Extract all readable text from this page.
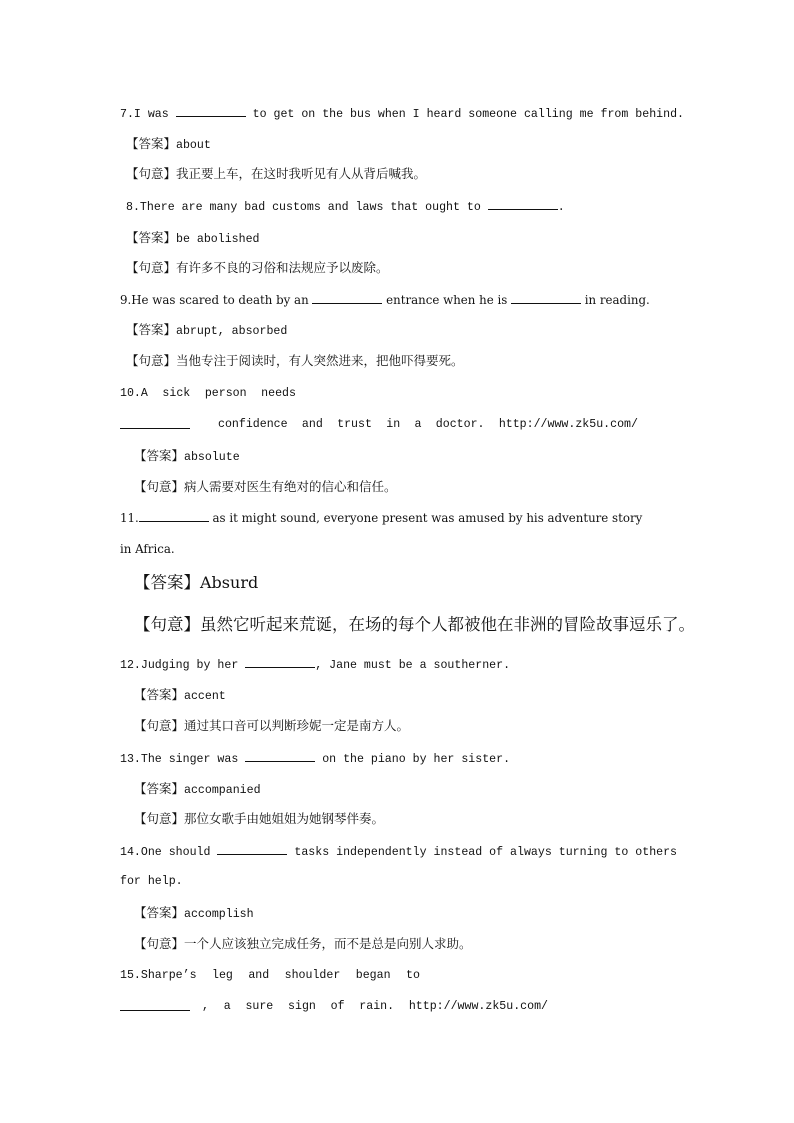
7.I was	to get on the bus when I heard someone calling me from behind.
【答案】about
【句意】我正要上车，在这时我听见有人从背后喊我。
8.There are many bad customs and laws that ought to	.
【答案】be abolished
【句意】有许多不良的习俗和法规应予以废除。
9.He was scared to death by an	entrance when he is	in reading.
【答案】abrupt, absorbed
【句意】当他专注于阅读时，有人突然进来，把他吓得要死。
10.A sick person needs
confidence and trust in a doctor. http://www.zk5u.com/
【答案】absolute
【句意】病人需要对医生有绝对的信心和信任。
11.	as it might sound, everyone present was amused by his adventure story
in Africa.
【答案】Absurd
【句意】虽然它听起来荒诞，在场的每个人都被他在非洲的冒险故事逗乐了。
12.Judging by her	, Jane must be a southerner.
【答案】accent
【句意】通过其口音可以判断珍妮一定是南方人。
13.The singer was	on the piano by her sister.
【答案】accompanied
【句意】那位女歌手由她姐姐为她钢琴伴奏。
14.One should	tasks independently instead of always turning to others
for help.
【答案】accomplish
【句意】一个人应该独立完成任务，而不是总是向别人求助。
15.Sharpe’s leg and shoulder began to
, a sure sign of rain. http://www.zk5u.com/
